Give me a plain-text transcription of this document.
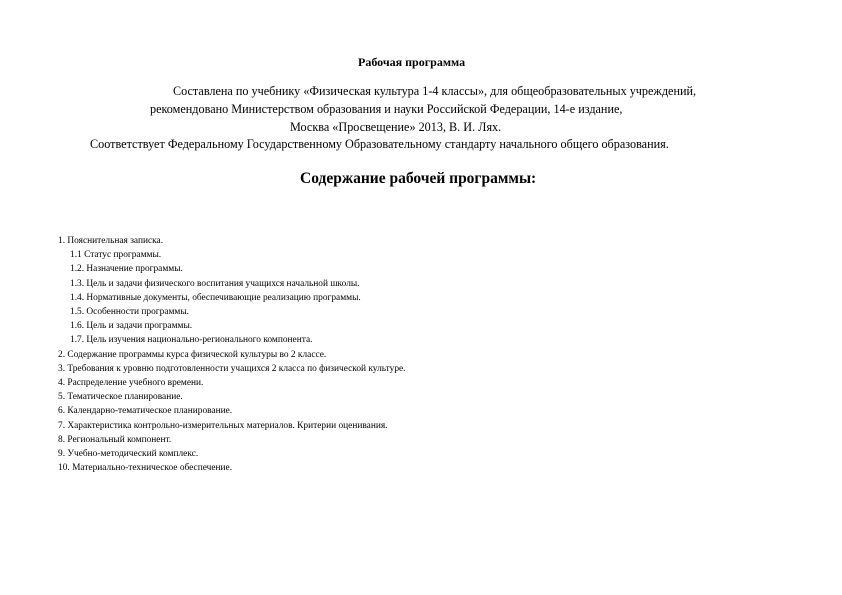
Рабочая программа
Составлена по учебнику «Физическая культура 1-4 классы», для общеобразовательных учреждений,
рекомендовано Министерством образования и науки Российской Федерации, 14-е издание,
Москва «Просвещение» 2013, В. И. Лях.
Соответствует Федеральному Государственному Образовательному стандарту начального общего образования.
Содержание рабочей программы:
1. Пояснительная записка.
1.1 Статус программы.
1.2. Назначение программы.
1.3. Цель и задачи физического воспитания учащихся начальной школы.
1.4. Нормативные документы, обеспечивающие реализацию программы.
1.5. Особенности программы.
1.6. Цель и задачи программы.
1.7. Цель изучения национально-регионального компонента.
2. Содержание программы курса физической культуры во 2 классе.
3. Требования к уровню подготовленности учащихся 2 класса по физической культуре.
4. Распределение учебного времени.
5. Тематическое планирование.
6. Календарно-тематическое планирование.
7. Характеристика контрольно-измерительных материалов. Критерии оценивания.
8. Региональный компонент.
9. Учебно-методический комплекс.
10. Материально-техническое обеспечение.
